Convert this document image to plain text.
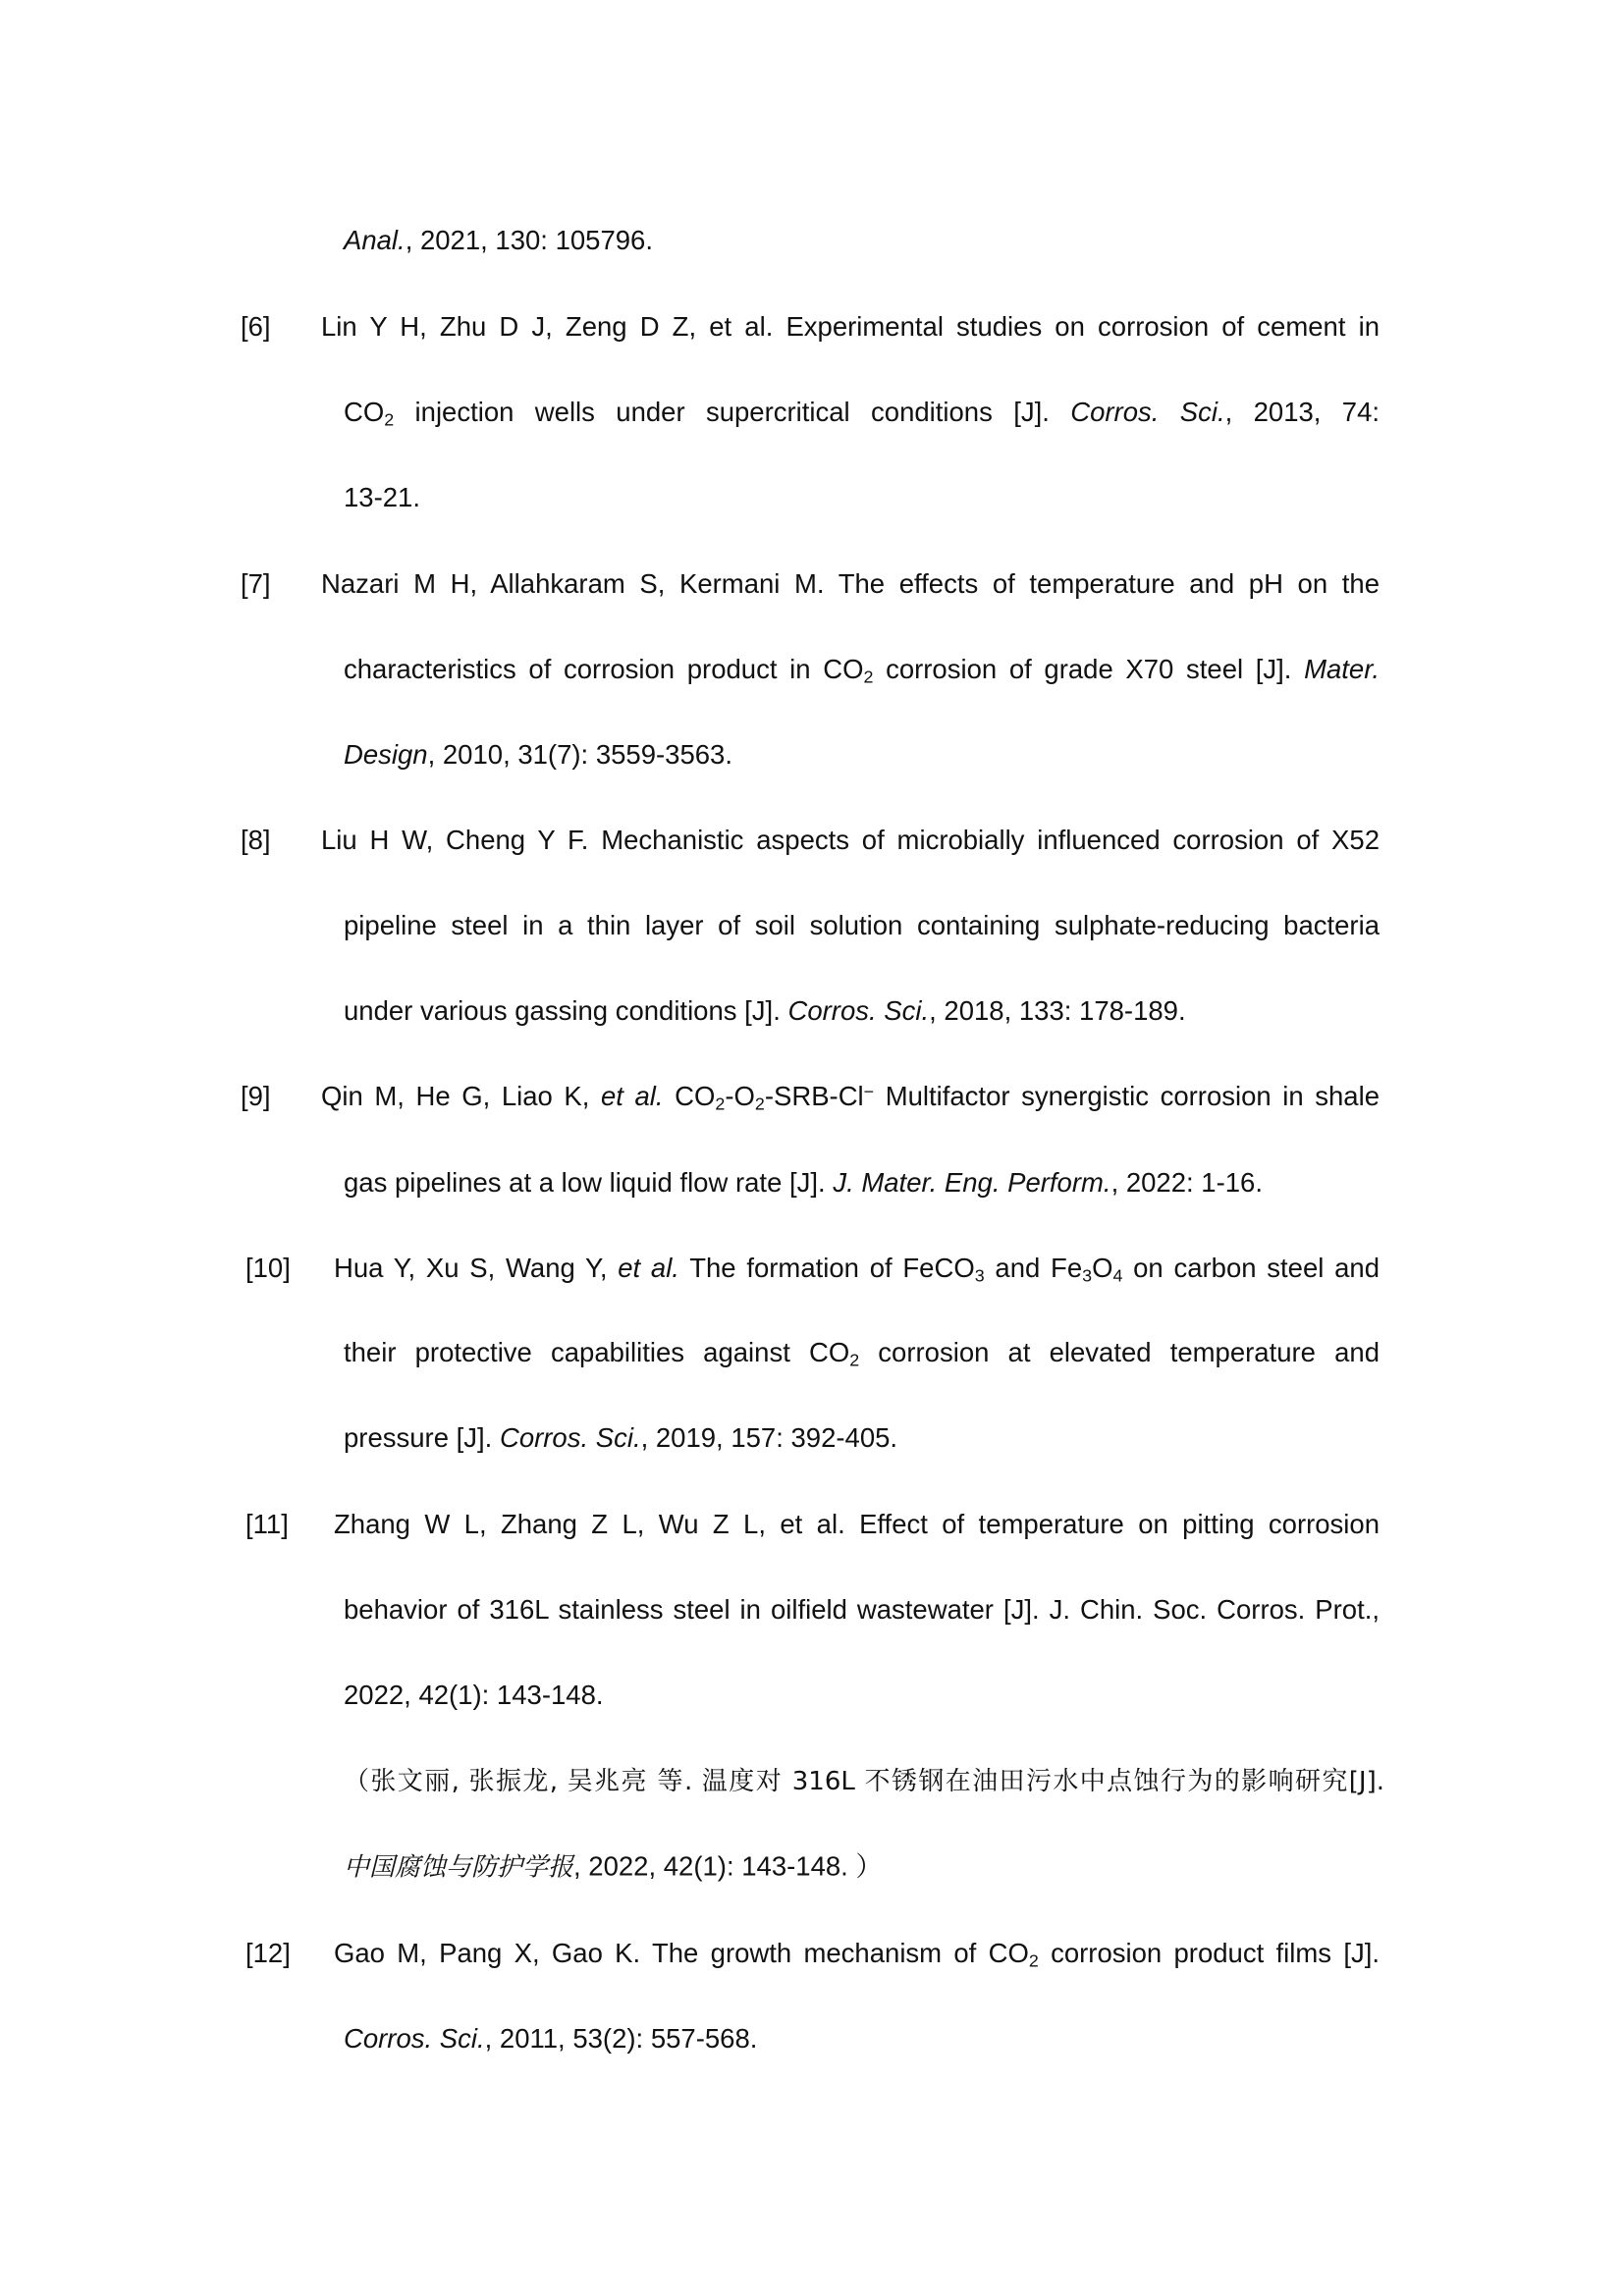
Anal., 2021, 130: 105796.
[6] Lin Y H, Zhu D J, Zeng D Z, et al. Experimental studies on corrosion of cement in
$CO_2$ injection wells under supercritical conditions [J]. Corros. Sci., 2013, 74:
13-21.
[7] Nazari M H, Allahkaram S, Kermani M. The effects of temperature and pH on the
characteristics of corrosion product in $CO_2$ corrosion of grade X70 steel [J]. Mater.
Design, 2010, 31(7): 3559-3563.
[8] Liu H W, Cheng Y F. Mechanistic aspects of microbially influenced corrosion of X52
pipeline steel in a thin layer of soil solution containing sulphate-reducing bacteria
under various gassing conditions [J]. Corros. Sci., 2018, 133: 178-189.
[9] Qin M, He G, Liao K, et al. $CO_2-O_2-SRB-Cl^-$ Multifactor synergistic corrosion in shale
gas pipelines at a low liquid flow rate [J]. J. Mater. Eng. Perform., 2022: 1-16.
[10] Hua Y, Xu S, Wang Y, et al. The formation of FeCO$_3$ and $Fe_3O_4$ on carbon steel and
their protective capabilities against $CO_2$ corrosion at elevated temperature and
pressure [J]. Corros. Sci., 2019, 157: 392-405.
[11] Zhang W L, Zhang Z L, Wu Z L, et al. Effect of temperature on pitting corrosion
behavior of 316L stainless steel in oilfield wastewater [J]. J. Chin. Soc. Corros. Prot.,
2022, 42(1): 143-148.
（张文丽, 张振龙, 吴兆亮 等. 温度对 316L 不锈钢在油田污水中点蚀行为的影响研究[J].
中国腐蚀与防护学报, 2022, 42(1): 143-148. ）
[12] Gao M, Pang X, Gao K. The growth mechanism of $CO_2$ corrosion product films [J].
Corros. Sci., 2011, 53(2): 557-568.
